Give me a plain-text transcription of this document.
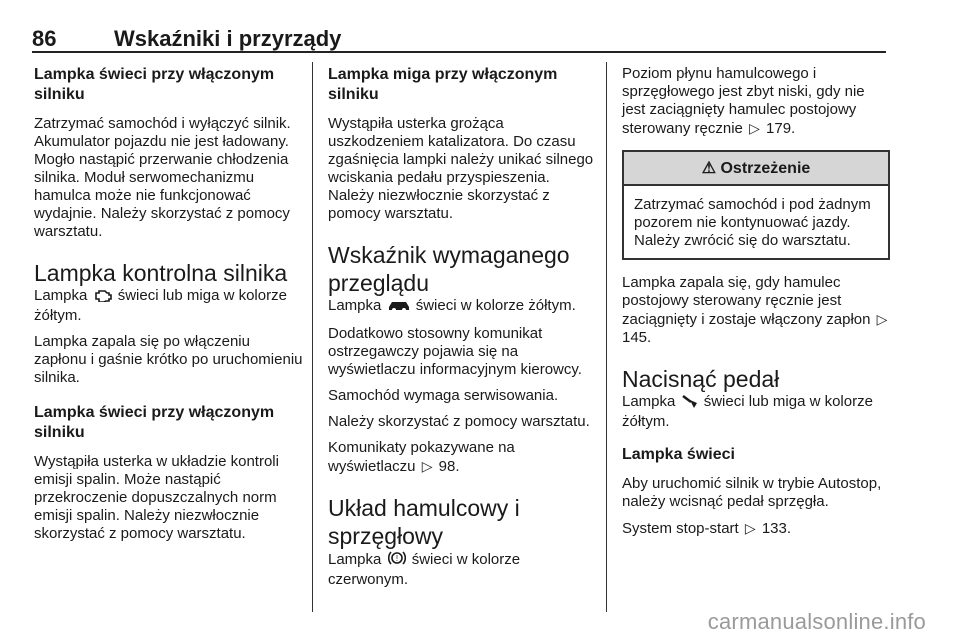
86	Wskaźniki i przyrządy
Lampka świeci przy włączonym silniku

Zatrzymać samochód i wyłączyć silnik. Akumulator pojazdu nie jest ładowany. Mogło nastąpić przerwanie chłodzenia silnika. Moduł serwomechanizmu hamulca może nie funkcjonować wydajnie. Należy skorzystać z pomocy warsztatu.

Lampka kontrolna silnika

Lampka świeci lub miga w kolorze żółtym.

Lampka zapala się po włączeniu zapłonu i gaśnie krótko po uruchomieniu silnika.

Lampka świeci przy włączonym silniku

Wystąpiła usterka w układzie kontroli emisji spalin. Może nastąpić przekroczenie dopuszczalnych norm emisji spalin. Należy niezwłocznie skorzystać z pomocy warsztatu.

Lampka miga przy włączonym silniku

Wystąpiła usterka grożąca uszkodzeniem katalizatora. Do czasu zgaśnięcia lampki należy unikać silnego wciskania pedału przyspieszenia. Należy niezwłocznie skorzystać z pomocy warsztatu.

Wskaźnik wymaganego przeglądu

Lampka świeci w kolorze żółtym.

Dodatkowo stosowny komunikat ostrzegawczy pojawia się na wyświetlaczu informacyjnym kierowcy.

Samochód wymaga serwisowania.

Należy skorzystać z pomocy warsztatu.

Komunikaty pokazywane na wyświetlaczu ▷ 98.

Układ hamulcowy i sprzęgłowy

Lampka ! świeci w kolorze czerwonym.

Poziom płynu hamulcowego i sprzęgłowego jest zbyt niski, gdy nie jest zaciągnięty hamulec postojowy sterowany ręcznie ▷ 179.

⚠ Ostrzeżenie

Zatrzymać samochód i pod żadnym pozorem nie kontynuować jazdy. Należy zwrócić się do warsztatu.

Lampka zapala się, gdy hamulec postojowy sterowany ręcznie jest zaciągnięty i zostaje włączony zapłon ▷ 145.

Nacisnąć pedał

Lampka świeci lub miga w kolorze żółtym.

Lampka świeci

Aby uruchomić silnik w trybie Autostop, należy wcisnąć pedał sprzęgła.

System stop-start ▷ 133.

carmanualsonline.info
